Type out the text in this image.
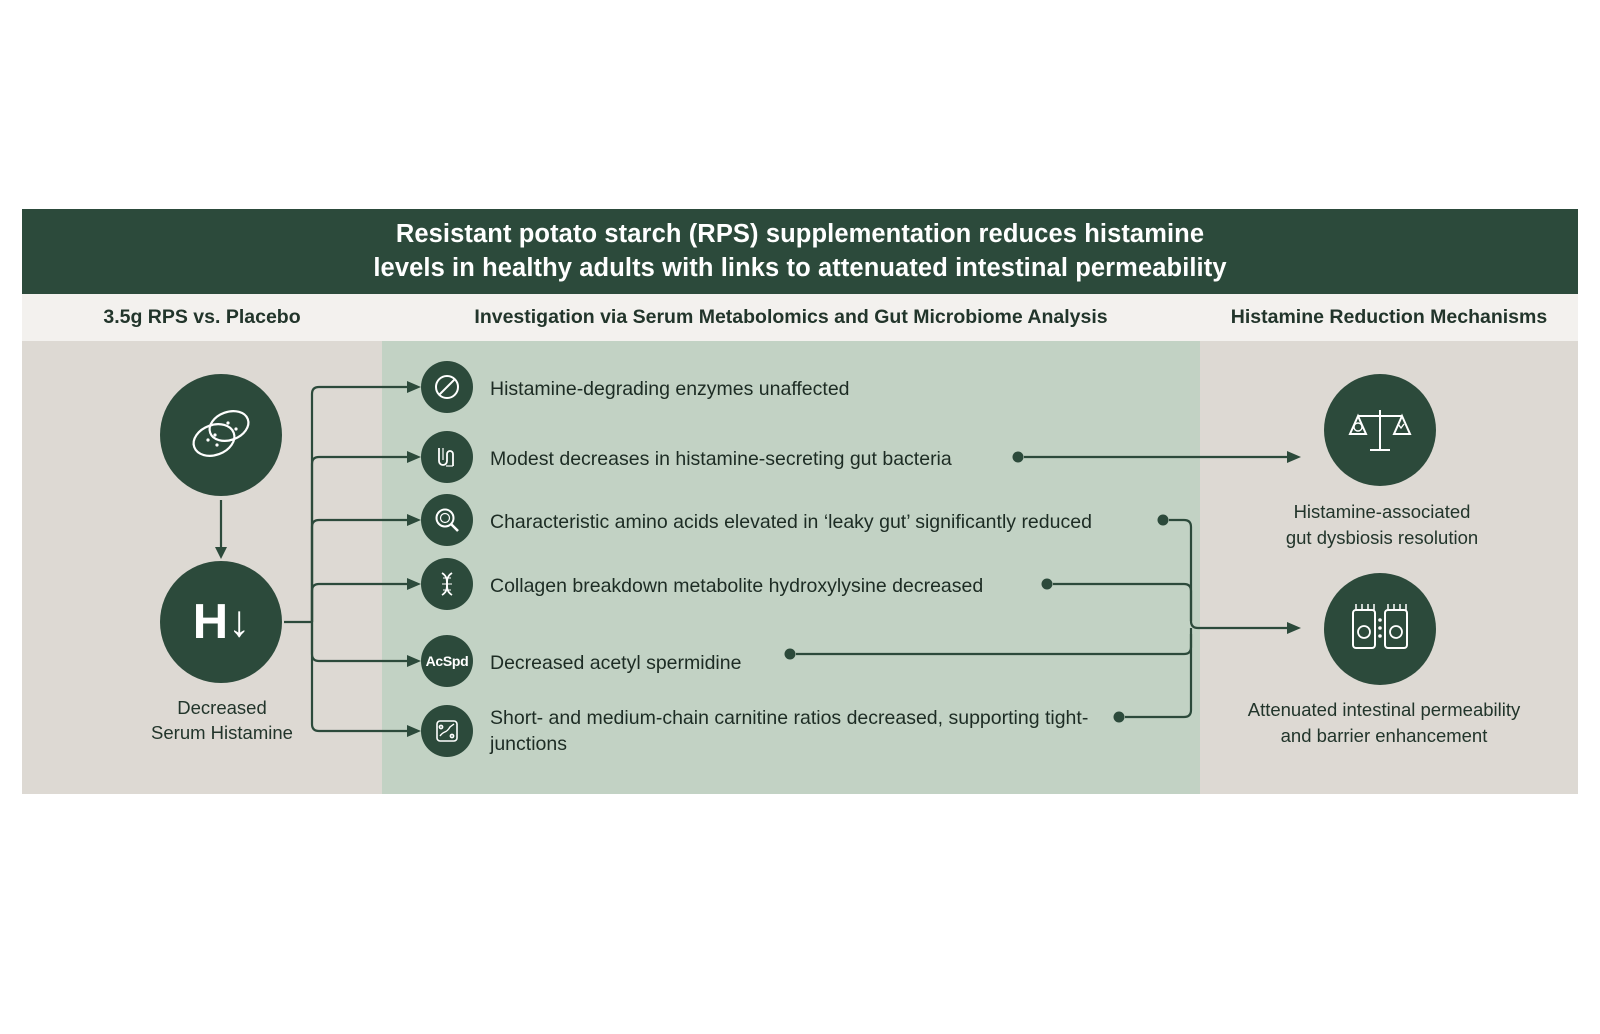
Resistant potato starch (RPS) supplementation reduces histamine
levels in healthy adults with links to attenuated intestinal permeability
3.5g RPS vs. Placebo	Investigation via Serum Metabolomics and Gut Microbiome Analysis	Histamine Reduction Mechanisms
H ↓
Decreased
Serum Histamine
Histamine-degrading enzymes unaffected
Modest decreases in histamine-secreting gut bacteria
Characteristic amino acids elevated in ‘leaky gut’ significantly reduced
Collagen breakdown metabolite hydroxylysine decreased
AcSpd Decreased acetyl spermidine
Short- and medium-chain carnitine ratios decreased, supporting tight-junctions
Histamine-associated
gut dysbiosis resolution
Attenuated intestinal permeability
and barrier enhancement
